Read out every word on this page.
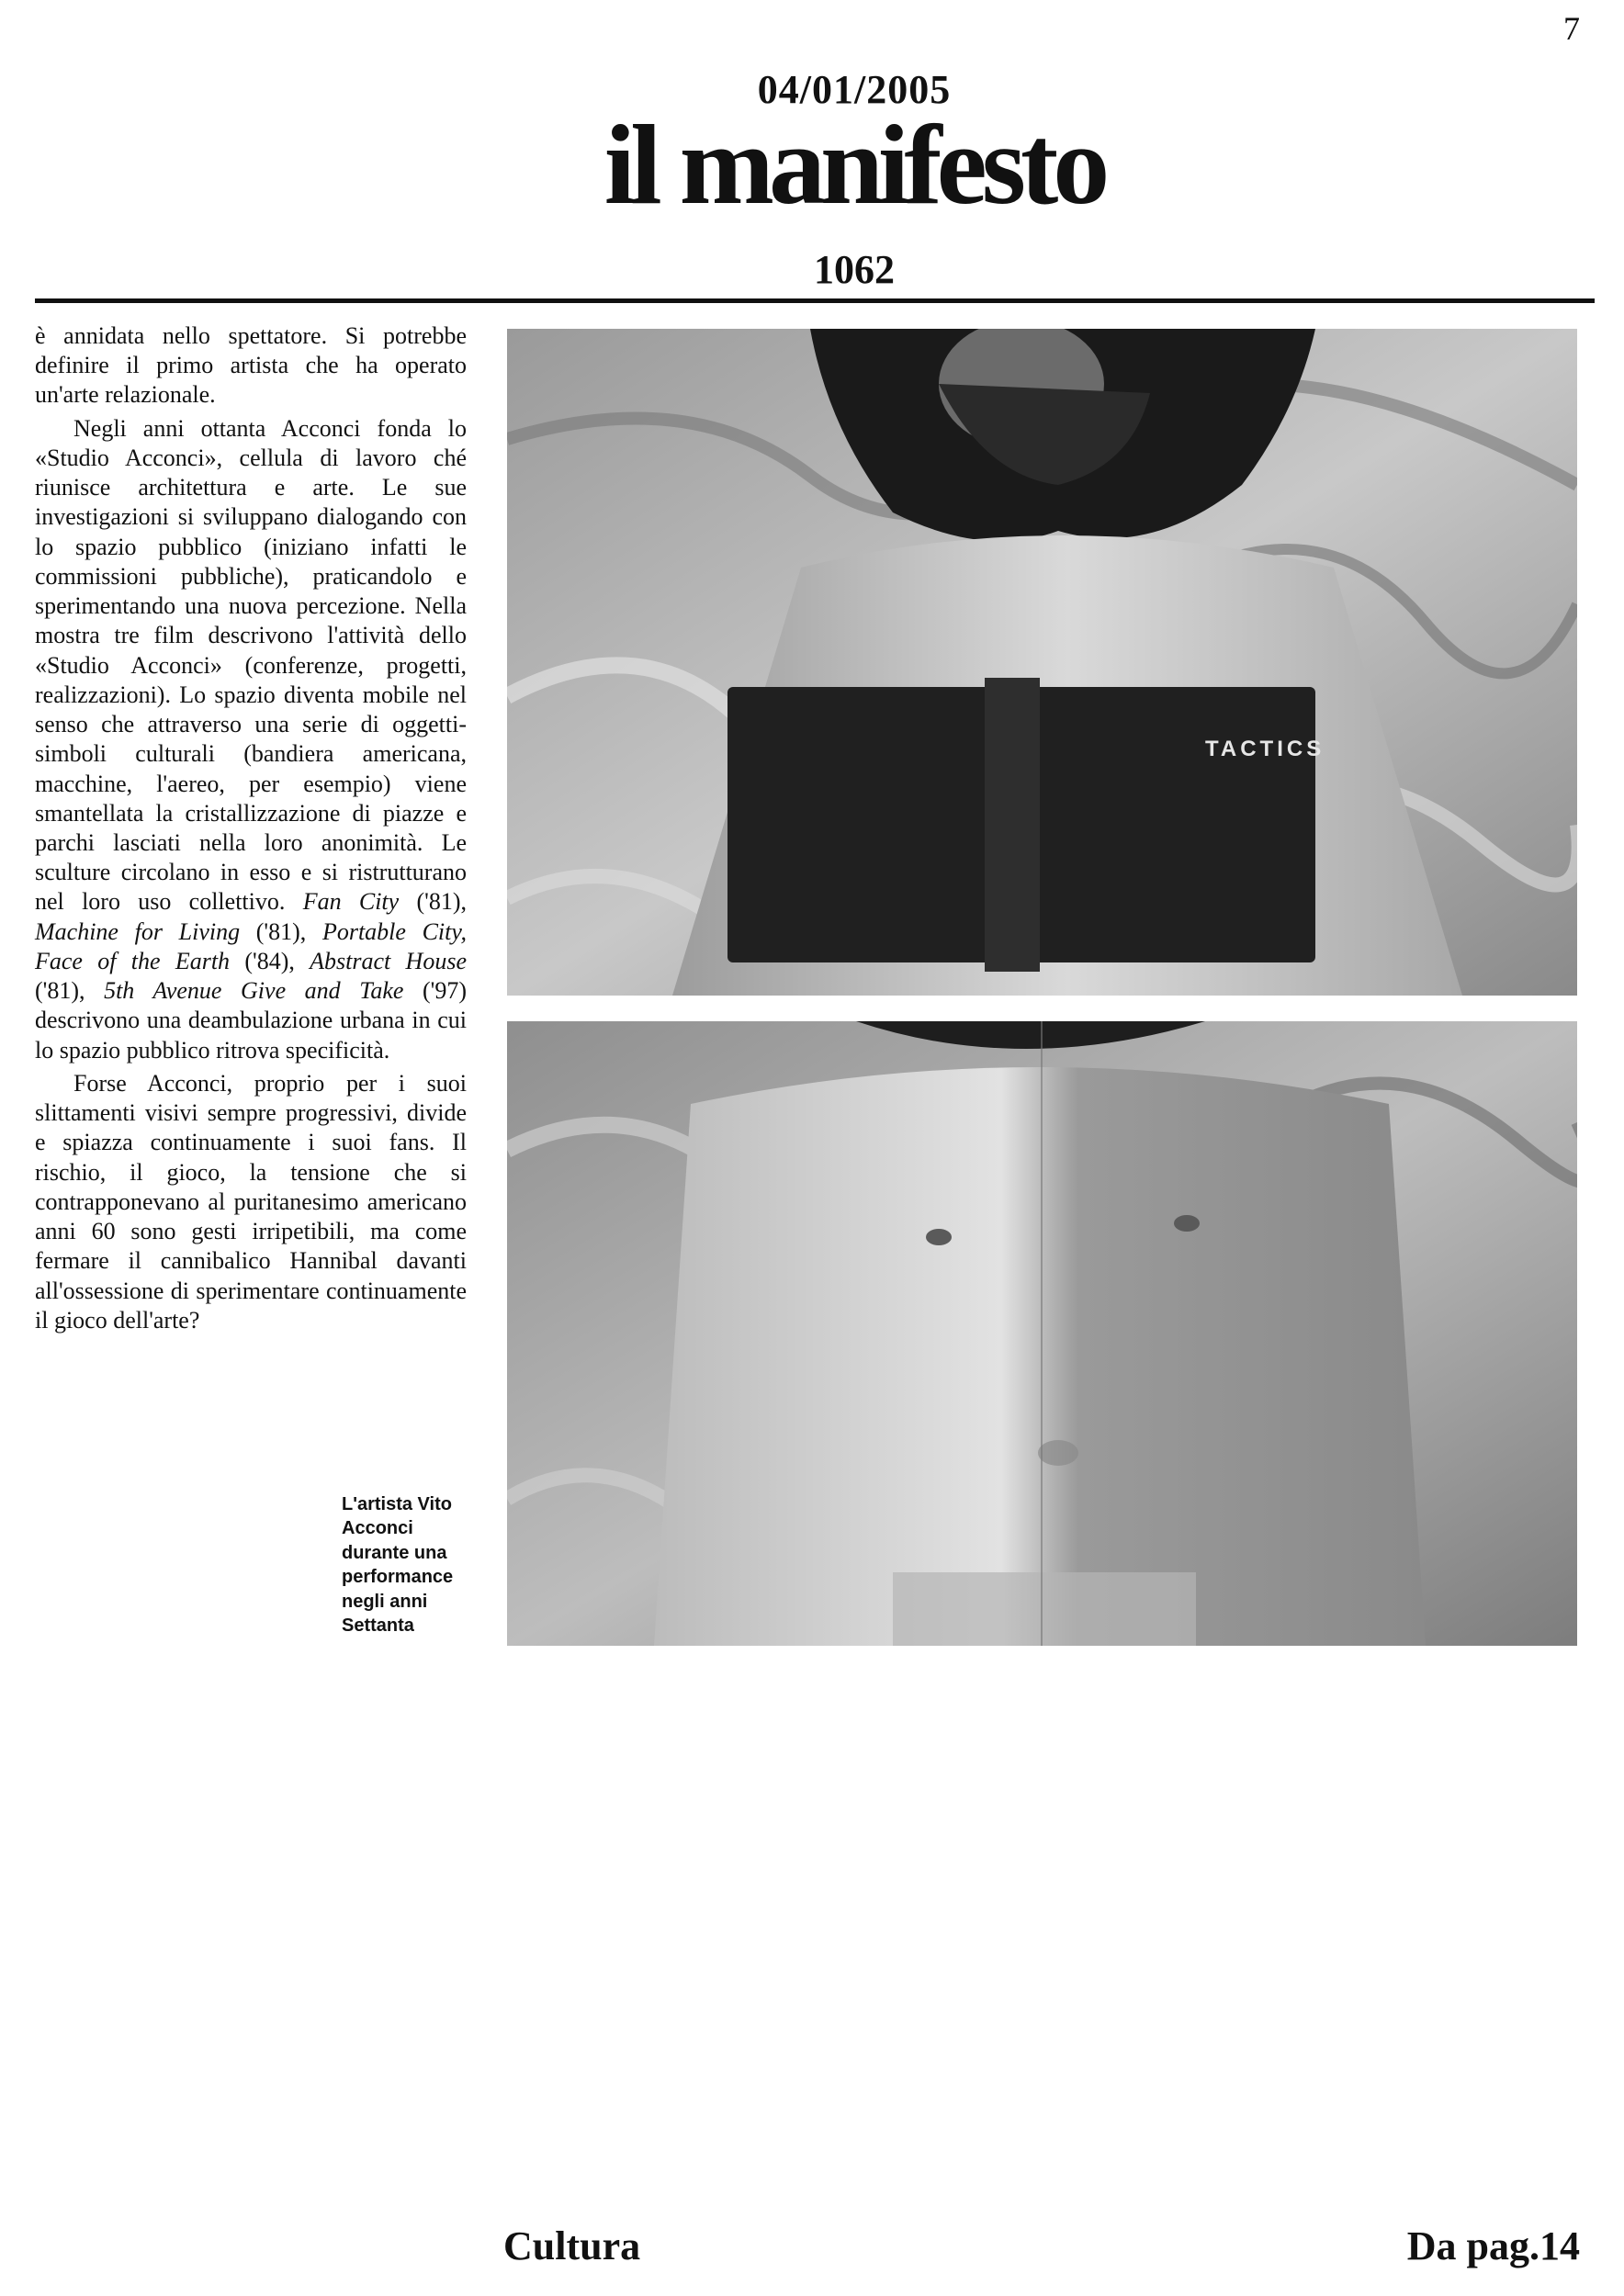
7
04/01/2005
il manifesto
1062

è annidata nello spettatore. Si potrebbe definire il primo artista che ha operato un'arte relazionale.

Negli anni ottanta Acconci fonda lo «Studio Acconci», cellula di lavoro ché riunisce architettura e arte. Le sue investigazioni si sviluppano dialogando con lo spazio pubblico (iniziano infatti le commissioni pubbliche), praticandolo e sperimentando una nuova percezione. Nella mostra tre film descrivono l'attività dello «Studio Acconci» (conferenze, progetti, realizzazioni). Lo spazio diventa mobile nel senso che attraverso una serie di oggetti-simboli culturali (bandiera americana, macchine, l'aereo, per esempio) viene smantellata la cristallizzazione di piazze e parchi lasciati nella loro anonimità. Le sculture circolano in esso e si ristrutturano nel loro uso collettivo. Fan City ('81), Machine for Living ('81), Portable City, Face of the Earth ('84), Abstract House ('81), 5th Avenue Give and Take ('97) descrivono una deambulazione urbana in cui lo spazio pubblico ritrova specificità.

Forse Acconci, proprio per i suoi slittamenti visivi sempre progressivi, divide e spiazza continuamente i suoi fans. Il rischio, il gioco, la tensione che si contrapponevano al puritanesimo americano anni 60 sono gesti irripetibili, ma come fermare il cannibalico Hannibal davanti all'ossessione di sperimentare continuamente il gioco dell'arte?

L'artista Vito Acconci durante una performance negli anni Settanta
TACTICS
Cultura	Da pag.14
